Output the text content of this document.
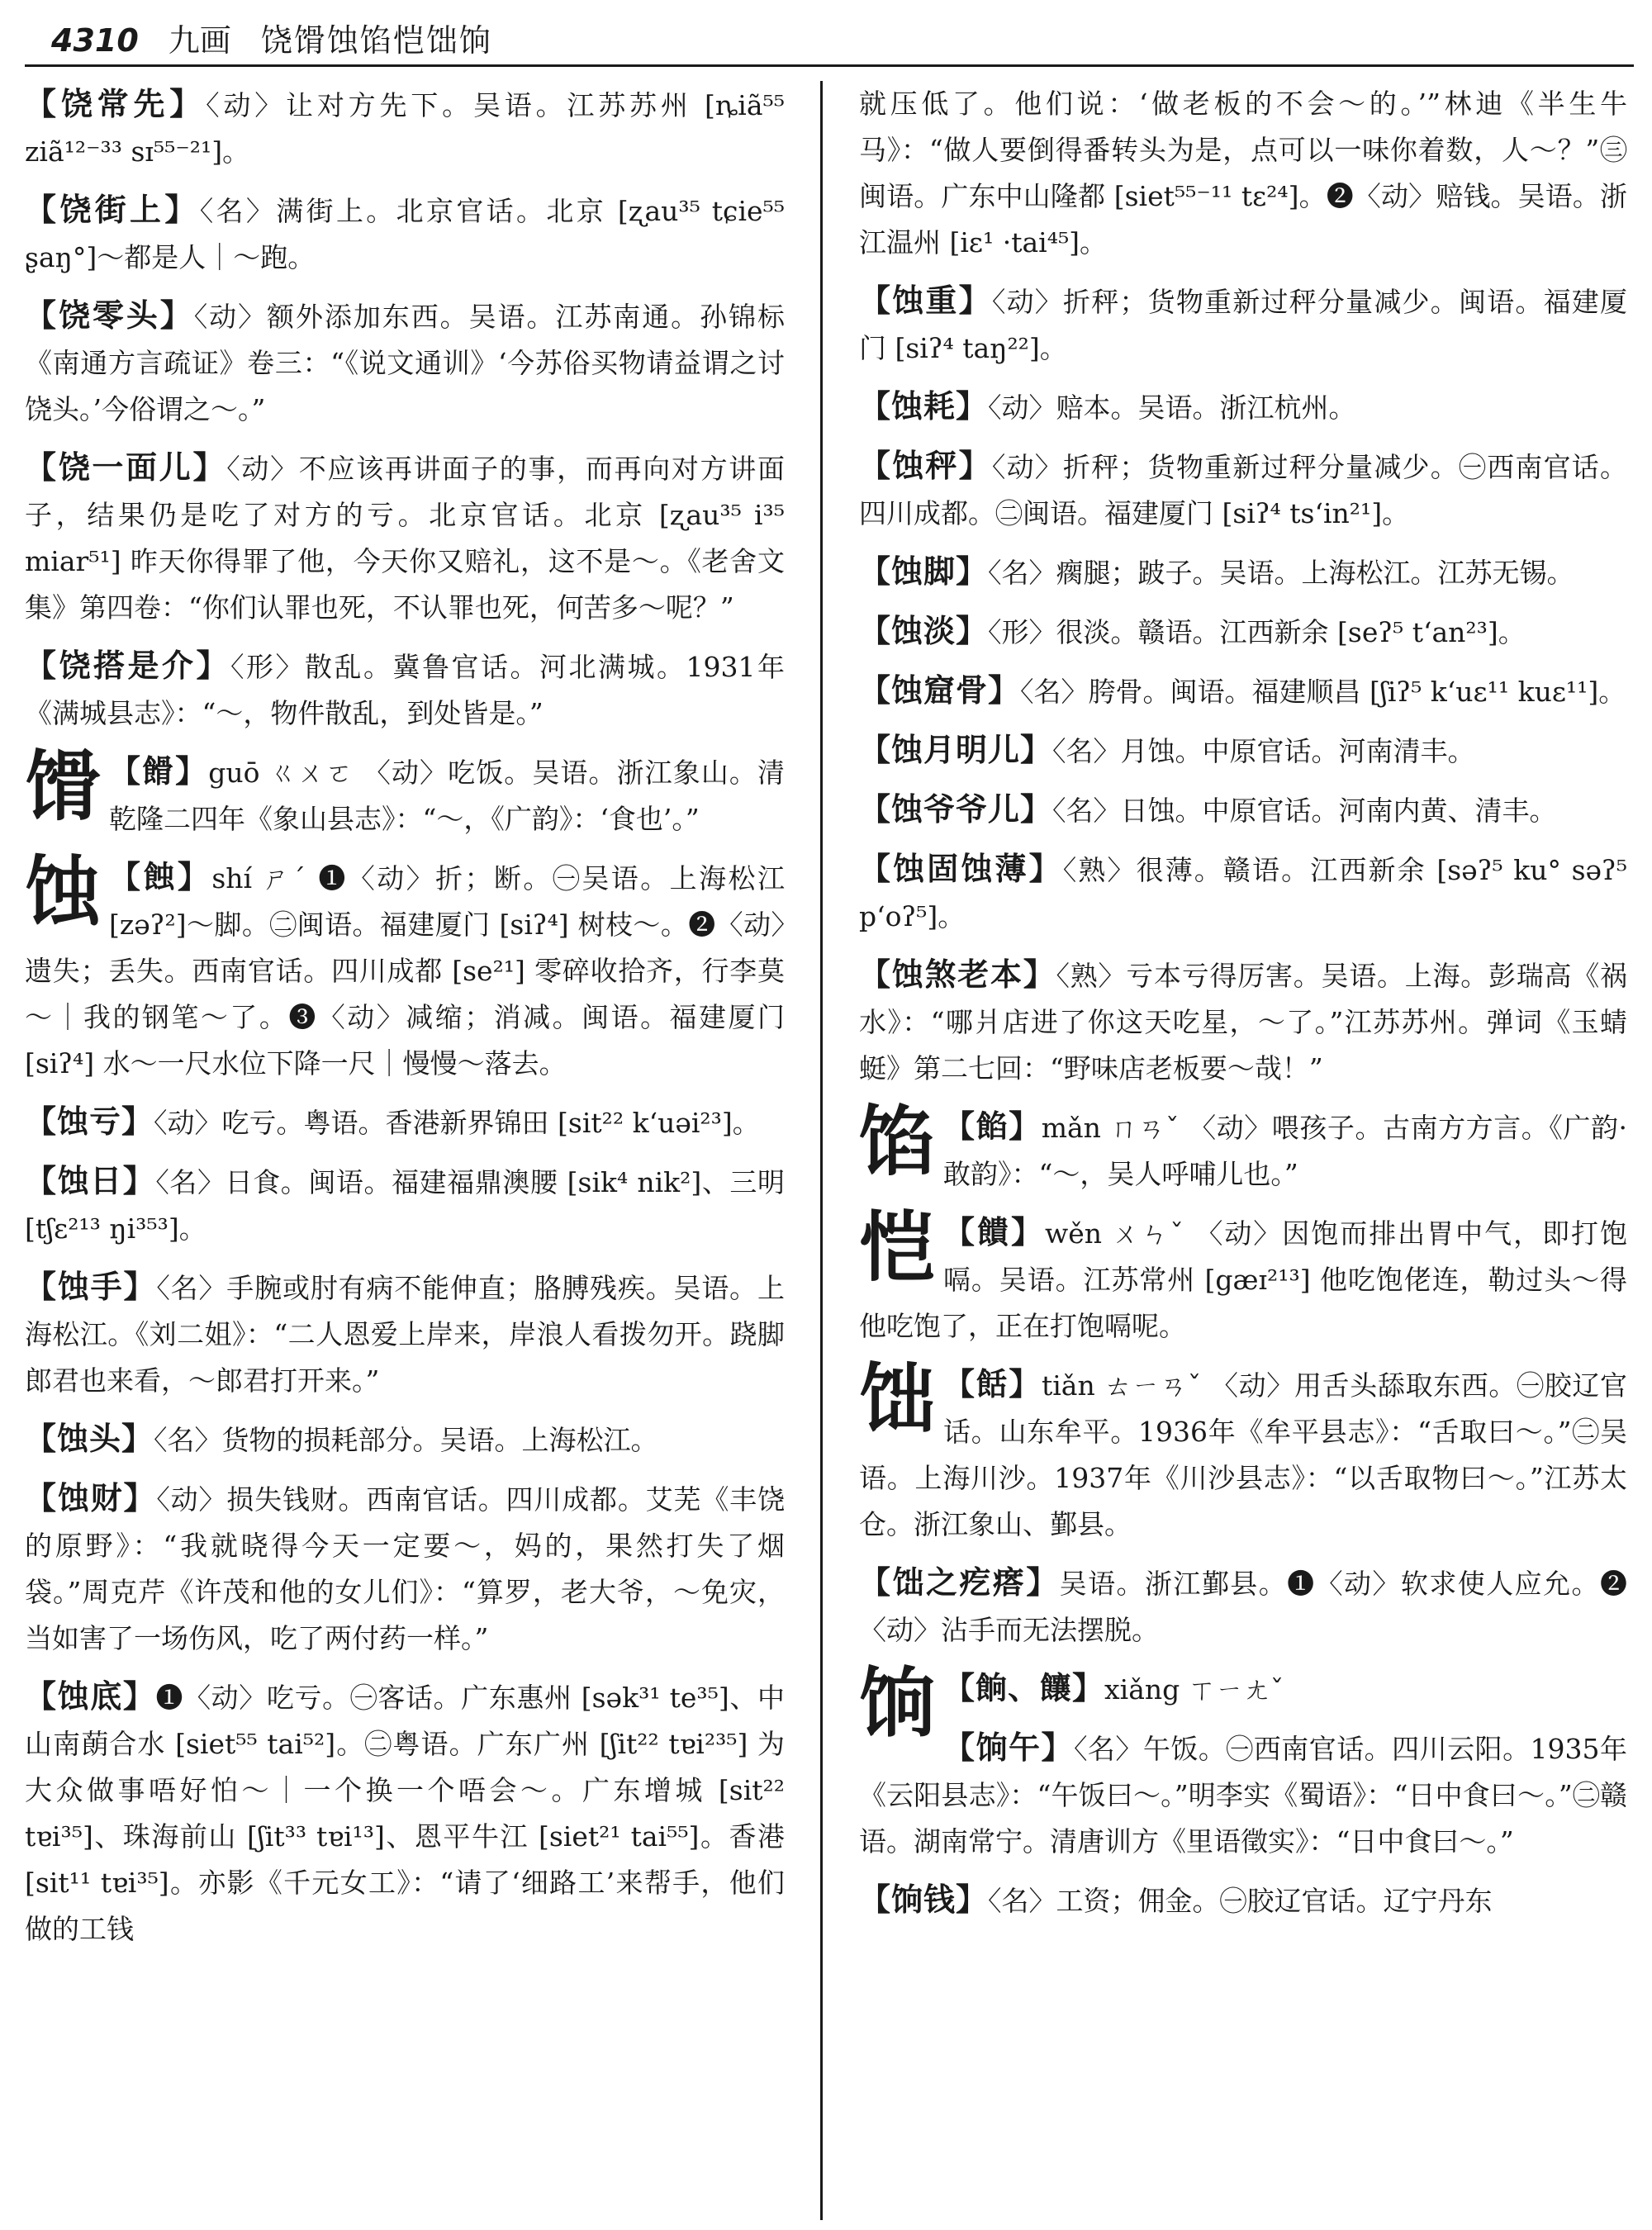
4310 九画 饶馉蚀馅恺饳饷

【饶常先】〈动〉让对方先下。吴语。江苏苏州 [ȵiã⁵⁵ ziã¹²⁻³³ sɪ⁵⁵⁻²¹]。

【饶街上】〈名〉满街上。北京官话。北京 [ʐau³⁵ tɕie⁵⁵ ʂaŋ°]～都是人｜～跑。

【饶零头】〈动〉额外添加东西。吴语。江苏南通。孙锦标《南通方言疏证》卷三：“《说文通训》‘今苏俗买物请益谓之讨饶头。’今俗谓之～。”

【饶一面儿】〈动〉不应该再讲面子的事，而再向对方讲面子，结果仍是吃了对方的亏。北京官话。北京 [ʐau³⁵ i³⁵ miar⁵¹] 昨天你得罪了他，今天你又赔礼，这不是～。《老舍文集》第四卷：“你们认罪也死，不认罪也死，何苦多～呢？”

【饶搭是介】〈形〉散乱。冀鲁官话。河北满城。1931年《满城县志》：“～，物件散乱，到处皆是。”

馉 【餶】guō ㄍㄨㄛ 〈动〉吃饭。吴语。浙江象山。清乾隆二四年《象山县志》：“～，《广韵》：‘食也’。”

蚀 【蝕】shí ㄕˊ ❶〈动〉折；断。㊀吴语。上海松江 [zəʔ²]～脚。㊁闽语。福建厦门 [siʔ⁴] 树枝～。❷〈动〉遗失；丢失。西南官话。四川成都 [se²¹] 零碎收拾齐，行李莫～｜我的钢笔～了。❸〈动〉减缩；消减。闽语。福建厦门 [siʔ⁴] 水～一尺水位下降一尺｜慢慢～落去。

【蚀亏】〈动〉吃亏。粤语。香港新界锦田 [sit²² k‘uəi²³]。

【蚀日】〈名〉日食。闽语。福建福鼎澳腰 [sik⁴ nik²]、三明 [tʃɛ²¹³ ŋi³⁵³]。

【蚀手】〈名〉手腕或肘有病不能伸直；胳膊残疾。吴语。上海松江。《刘二姐》：“二人恩爱上岸来，岸浪人看拨勿开。跷脚郎君也来看，～郎君打开来。”

【蚀头】〈名〉货物的损耗部分。吴语。上海松江。

【蚀财】〈动〉损失钱财。西南官话。四川成都。艾芜《丰饶的原野》：“我就晓得今天一定要～，妈的，果然打失了烟袋。”周克芹《许茂和他的女儿们》：“算罗，老大爷，～免灾，当如害了一场伤风，吃了两付药一样。”

【蚀底】❶〈动〉吃亏。㊀客话。广东惠州 [sək³¹ te³⁵]、中山南蓢合水 [siet⁵⁵ tai⁵²]。㊁粤语。广东广州 [ʃit²² tɐi²³⁵] 为大众做事唔好怕～｜一个换一个唔会～。广东增城 [sit²² tɐi³⁵]、珠海前山 [ʃit³³ tɐi¹³]、恩平牛江 [siet²¹ tai⁵⁵]。香港 [sit¹¹ tɐi³⁵]。亦影《千元女工》：“请了‘细路工’来帮手，他们做的工钱

就压低了。他们说：‘做老板的不会～的。’”林迪《半生牛马》：“做人要倒得番转头为是，点可以一味你着数，人～？”㊂闽语。广东中山隆都 [siet⁵⁵⁻¹¹ tɛ²⁴]。❷〈动〉赔钱。吴语。浙江温州 [iɛ¹ ·tai⁴⁵]。

【蚀重】〈动〉折秤；货物重新过秤分量减少。闽语。福建厦门 [siʔ⁴ taŋ²²]。

【蚀耗】〈动〉赔本。吴语。浙江杭州。

【蚀秤】〈动〉折秤；货物重新过秤分量减少。㊀西南官话。四川成都。㊁闽语。福建厦门 [siʔ⁴ ts‘in²¹]。

【蚀脚】〈名〉瘸腿；跛子。吴语。上海松江。江苏无锡。

【蚀淡】〈形〉很淡。赣语。江西新余 [seʔ⁵ t‘an²³]。

【蚀窟骨】〈名〉胯骨。闽语。福建顺昌 [ʃiʔ⁵ k‘uɛ¹¹ kuɛ¹¹]。

【蚀月明儿】〈名〉月蚀。中原官话。河南清丰。

【蚀爷爷儿】〈名〉日蚀。中原官话。河南内黄、清丰。

【蚀固蚀薄】〈熟〉很薄。赣语。江西新余 [səʔ⁵ ku° səʔ⁵ p‘oʔ⁵]。

【蚀煞老本】〈熟〉亏本亏得厉害。吴语。上海。彭瑞高《祸水》：“哪爿店进了你这天吃星，～了。”江苏苏州。弹词《玉蜻蜓》第二七回：“野味店老板要～哉！”

馅 【餡】mǎn ㄇㄢˇ 〈动〉喂孩子。古南方方言。《广韵·敢韵》：“～，吴人呼哺儿也。”

恺 【饋】wěn ㄨㄣˇ 〈动〉因饱而排出胃中气，即打饱嗝。吴语。江苏常州 [gæɪ²¹³] 他吃饱佬连，勒过头～得他吃饱了，正在打饱嗝呢。

饳 【餂】tiǎn ㄊㄧㄢˇ 〈动〉用舌头舔取东西。㊀胶辽官话。山东牟平。1936年《牟平县志》：“舌取曰～。”㊁吴语。上海川沙。1937年《川沙县志》：“以舌取物曰～。”江苏太仓。浙江象山、鄞县。

【饳之疙瘩】吴语。浙江鄞县。❶〈动〉软求使人应允。❷〈动〉沾手而无法摆脱。

饷 【餉、饟】xiǎng ㄒㄧㄤˇ

【饷午】〈名〉午饭。㊀西南官话。四川云阳。1935年《云阳县志》：“午饭曰～。”明李实《蜀语》：“日中食曰～。”㊁赣语。湖南常宁。清唐训方《里语徵实》：“日中食曰～。”

【饷钱】〈名〉工资；佣金。㊀胶辽官话。辽宁丹东
